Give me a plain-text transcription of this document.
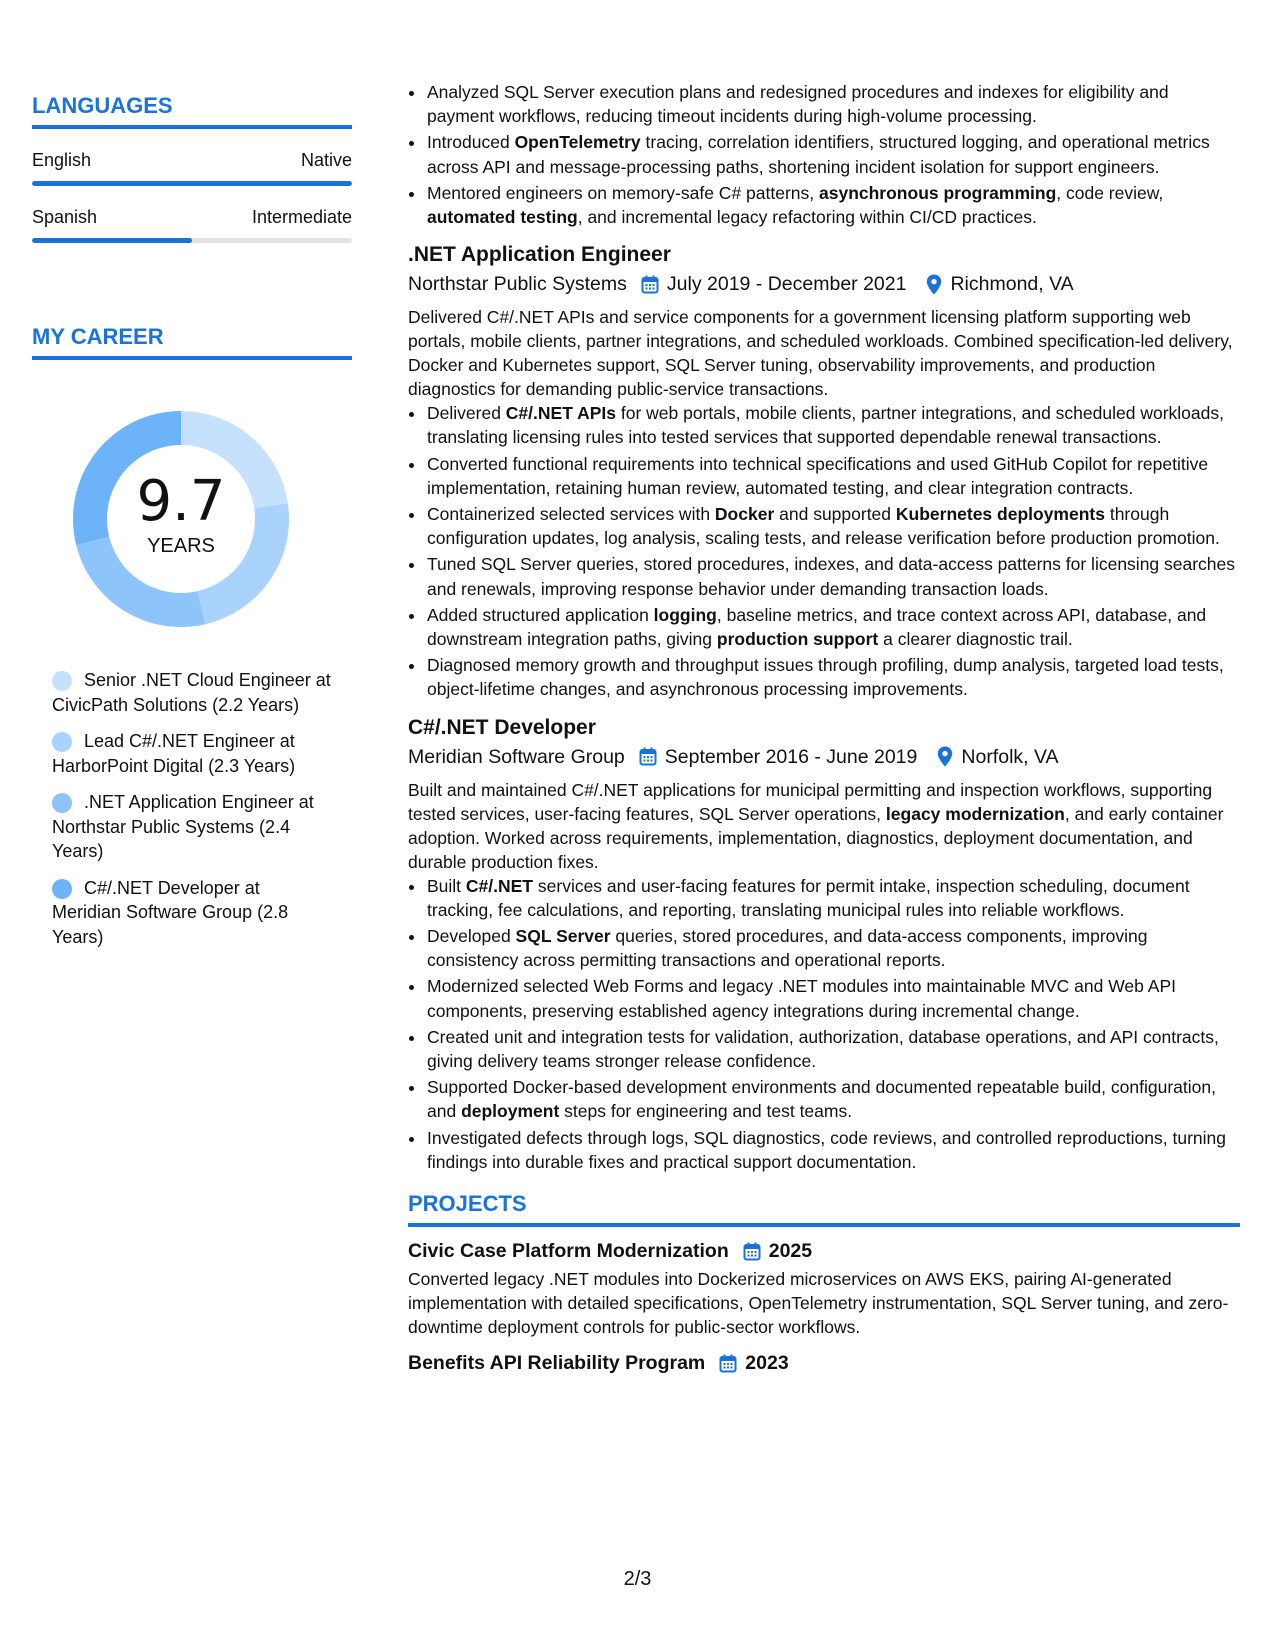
LANGUAGES
English	Native
Spanish	Intermediate
MY CAREER
9.7
YEARS
Senior .NET Cloud Engineer at CivicPath Solutions (2.2 Years)
Lead C#/.NET Engineer at HarborPoint Digital (2.3 Years)
.NET Application Engineer at Northstar Public Systems (2.4 Years)
C#/.NET Developer at Meridian Software Group (2.8 Years)
• Analyzed SQL Server execution plans and redesigned procedures and indexes for eligibility and payment workflows, reducing timeout incidents during high-volume processing.
• Introduced OpenTelemetry tracing, correlation identifiers, structured logging, and operational metrics across API and message-processing paths, shortening incident isolation for support engineers.
• Mentored engineers on memory-safe C# patterns, asynchronous programming, code review, automated testing, and incremental legacy refactoring within CI/CD practices.
.NET Application Engineer
Northstar Public Systems July 2019 - December 2021 Richmond, VA
Delivered C#/.NET APIs and service components for a government licensing platform supporting web portals, mobile clients, partner integrations, and scheduled workloads. Combined specification-led delivery, Docker and Kubernetes support, SQL Server tuning, observability improvements, and production diagnostics for demanding public-service transactions.
• Delivered C#/.NET APIs for web portals, mobile clients, partner integrations, and scheduled workloads, translating licensing rules into tested services that supported dependable renewal transactions.
• Converted functional requirements into technical specifications and used GitHub Copilot for repetitive implementation, retaining human review, automated testing, and clear integration contracts.
• Containerized selected services with Docker and supported Kubernetes deployments through configuration updates, log analysis, scaling tests, and release verification before production promotion.
• Tuned SQL Server queries, stored procedures, indexes, and data-access patterns for licensing searches and renewals, improving response behavior under demanding transaction loads.
• Added structured application logging, baseline metrics, and trace context across API, database, and downstream integration paths, giving production support a clearer diagnostic trail.
• Diagnosed memory growth and throughput issues through profiling, dump analysis, targeted load tests, object-lifetime changes, and asynchronous processing improvements.
C#/.NET Developer
Meridian Software Group September 2016 - June 2019 Norfolk, VA
Built and maintained C#/.NET applications for municipal permitting and inspection workflows, supporting tested services, user-facing features, SQL Server operations, legacy modernization, and early container adoption. Worked across requirements, implementation, diagnostics, deployment documentation, and durable production fixes.
• Built C#/.NET services and user-facing features for permit intake, inspection scheduling, document tracking, fee calculations, and reporting, translating municipal rules into reliable workflows.
• Developed SQL Server queries, stored procedures, and data-access components, improving consistency across permitting transactions and operational reports.
• Modernized selected Web Forms and legacy .NET modules into maintainable MVC and Web API components, preserving established agency integrations during incremental change.
• Created unit and integration tests for validation, authorization, database operations, and API contracts, giving delivery teams stronger release confidence.
• Supported Docker-based development environments and documented repeatable build, configuration, and deployment steps for engineering and test teams.
• Investigated defects through logs, SQL diagnostics, code reviews, and controlled reproductions, turning findings into durable fixes and practical support documentation.
PROJECTS
Civic Case Platform Modernization 2025
Converted legacy .NET modules into Dockerized microservices on AWS EKS, pairing AI-generated implementation with detailed specifications, OpenTelemetry instrumentation, SQL Server tuning, and zero-downtime deployment controls for public-sector workflows.
Benefits API Reliability Program 2023
2/3
